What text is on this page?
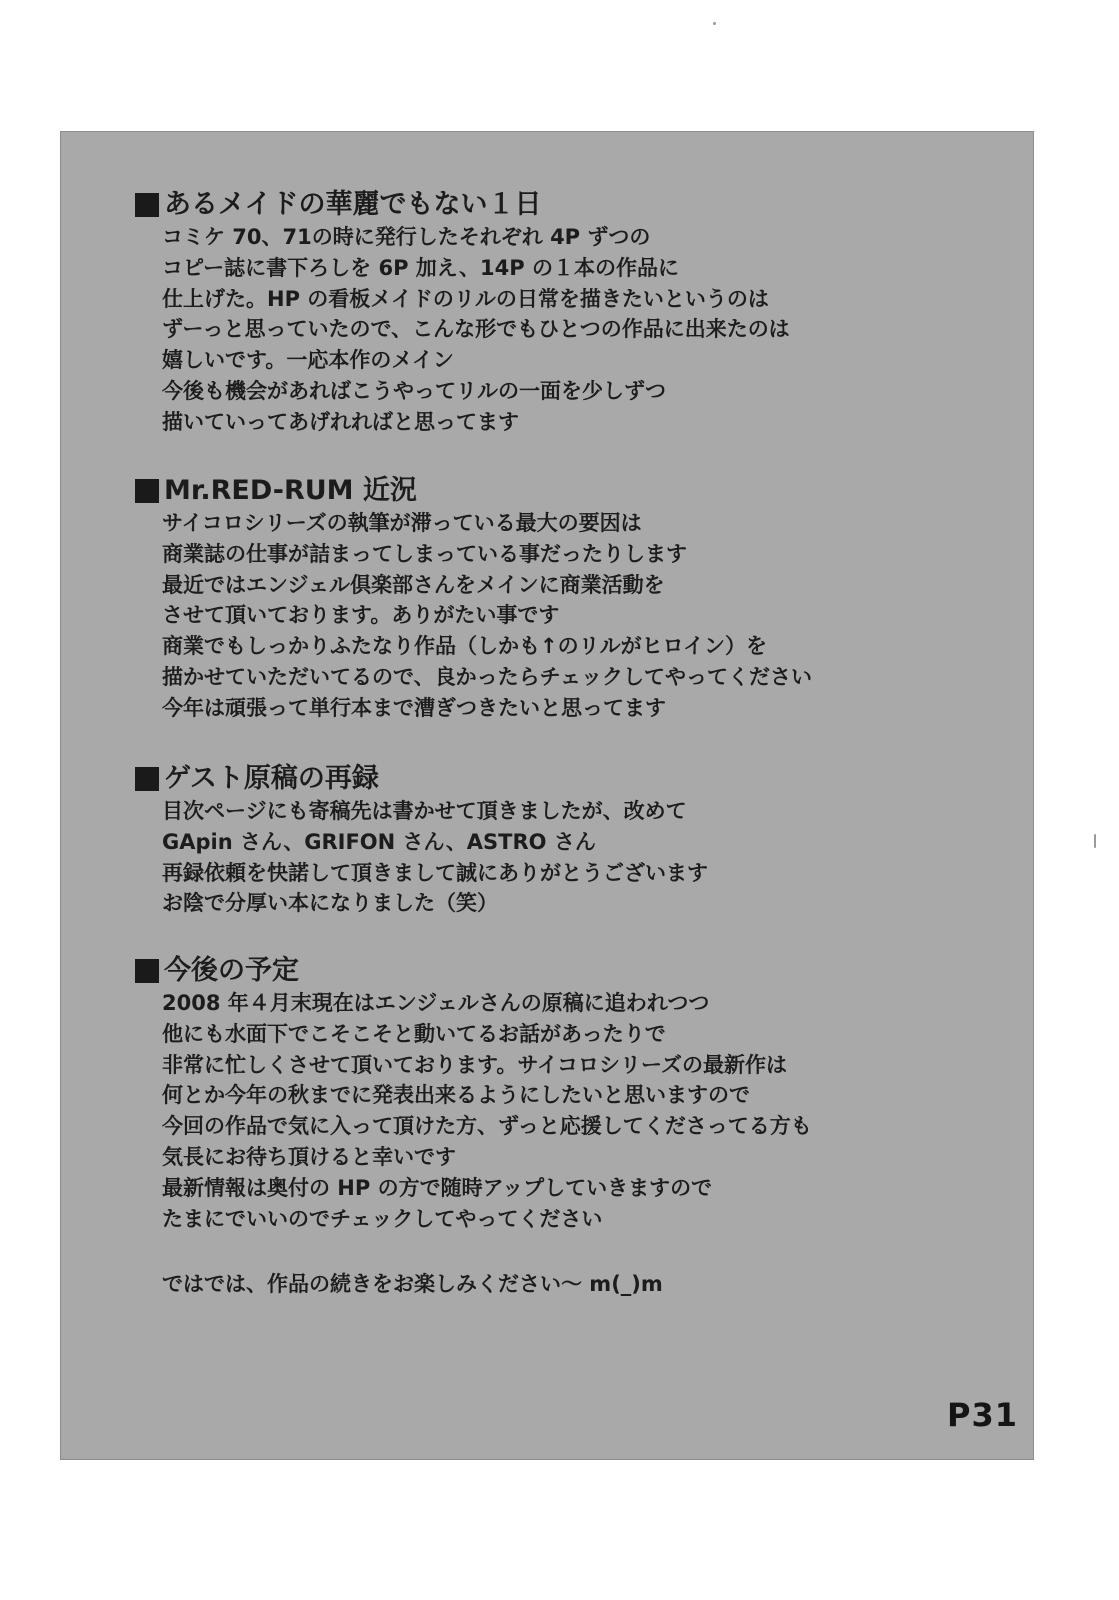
あるメイドの華麗でもない１日
コミケ 70、71の時に発行したそれぞれ 4P ずつの
コピー誌に書下ろしを 6P 加え、14P の１本の作品に
仕上げた。HP の看板メイドのリルの日常を描きたいというのは
ずーっと思っていたので、こんな形でもひとつの作品に出来たのは
嬉しいです。一応本作のメイン
今後も機会があればこうやってリルの一面を少しずつ
描いていってあげれればと思ってます
Mr.RED-RUM 近況
サイコロシリーズの執筆が滞っている最大の要因は
商業誌の仕事が詰まってしまっている事だったりします
最近ではエンジェル倶楽部さんをメインに商業活動を
させて頂いております。ありがたい事です
商業でもしっかりふたなり作品（しかも↑のリルがヒロイン）を
描かせていただいてるので、良かったらチェックしてやってください
今年は頑張って単行本まで漕ぎつきたいと思ってます
ゲスト原稿の再録
目次ページにも寄稿先は書かせて頂きましたが、改めて
GApin さん、GRIFON さん、ASTRO さん
再録依頼を快諾して頂きまして誠にありがとうございます
お陰で分厚い本になりました（笑）
今後の予定
2008 年４月末現在はエンジェルさんの原稿に追われつつ
他にも水面下でこそこそと動いてるお話があったりで
非常に忙しくさせて頂いております。サイコロシリーズの最新作は
何とか今年の秋までに発表出来るようにしたいと思いますので
今回の作品で気に入って頂けた方、ずっと応援してくださってる方も
気長にお待ち頂けると幸いです
最新情報は奥付の HP の方で随時アップしていきますので
たまにでいいのでチェックしてやってください
ではでは、作品の続きをお楽しみください～ m(_)m
P31
